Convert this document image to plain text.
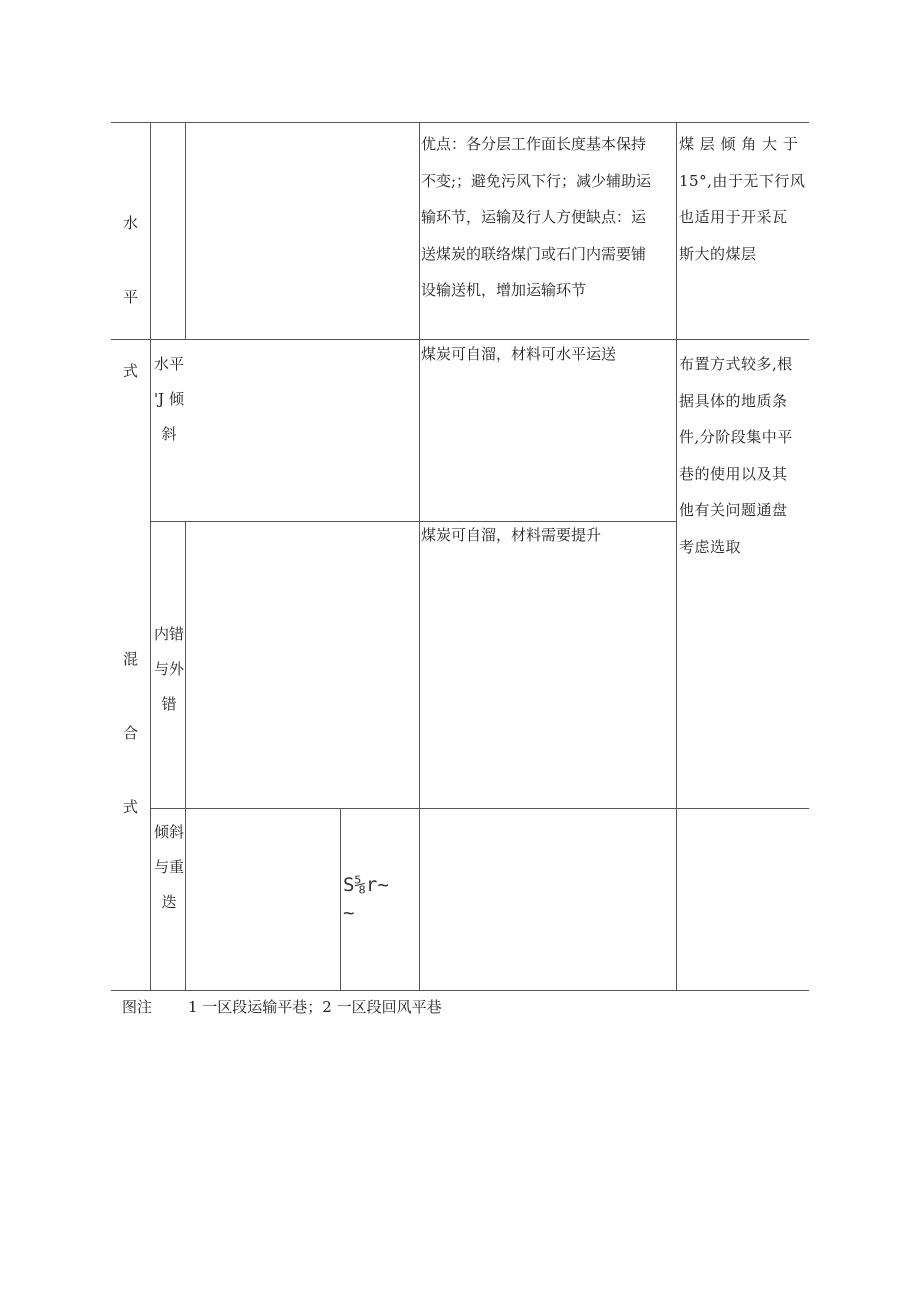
水

平

式

优点：各分层工作面长度基本保持
不变;；避免污风下行；减少辅助运
输环节，运输及行人方便缺点：运
送煤炭的联络煤门或石门内需要铺
设输送机，增加运输环节
煤 层 倾 角 大 于
15°,由于无下行风
也适用于开采瓦
斯大的煤层

混

合

式

水平
'J 倾
斜
煤炭可自溜，材料可水平运送
内错
与外
错
煤炭可自溜，材料需要提升
倾斜
与重
迭
S⅝r~
~
布置方式较多,根
据具体的地质条
件,分阶段集中平
巷的使用以及其
他有关问题通盘
考虑选取
图注 1 一区段运输平巷；2 一区段回风平巷
